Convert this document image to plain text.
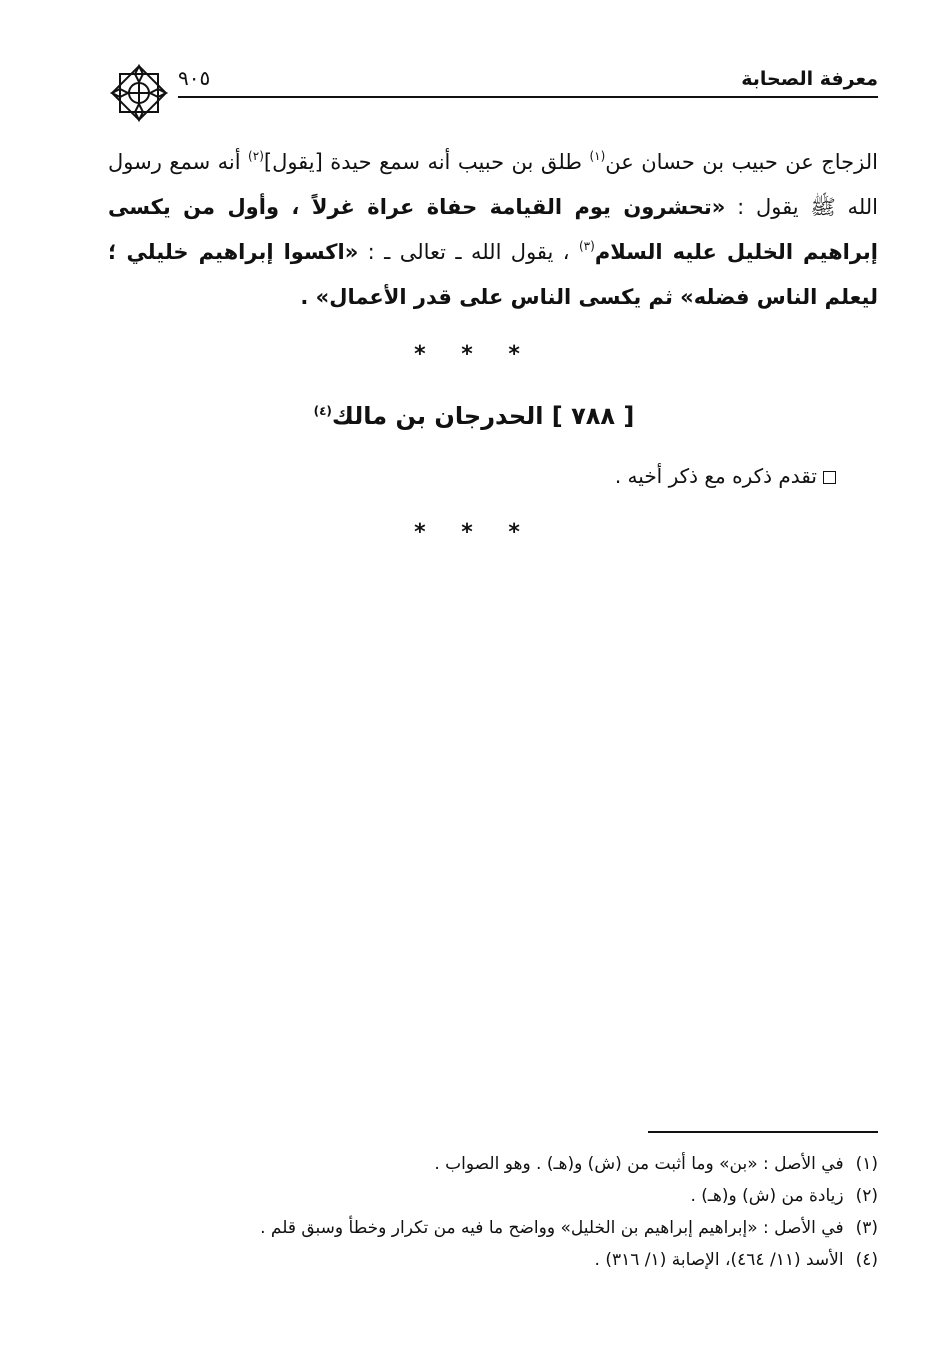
٩٠٥	معرفة الصحابة
الزجاج عن حبيب بن حسان عن$^{(١)}$ طلق بن حبيب أنه سمع حيدة [يقول]$^{(٢)}$ أنه سمع رسول الله ﷺ يقول : «تحشرون يوم القيامة حفاة عراة غرلاً ، وأول من يكسى إبراهيم الخليل عليه السلام$^{(٣)}$ ، يقول الله ـ تعالى ـ : «اكسوا إبراهيم خليلي ؛ ليعلم الناس فضله» ثم يكسى الناس على قدر الأعمال» .
* * *
[ ٧٨٨ ] الحدرجان بن مالك$^{(٤)}$
تقدم ذكره مع ذكر أخيه .
* * *
(١)في الأصل : «بن» وما أثبت من (ش) و(هـ) . وهو الصواب .
(٢)زيادة من (ش) و(هـ) .
(٣)في الأصل : «إبراهيم إبراهيم بن الخليل» وواضح ما فيه من تكرار وخطأ وسبق قلم .
(٤)الأسد (١١/ ٤٦٤)، الإصابة (١/ ٣١٦) .
